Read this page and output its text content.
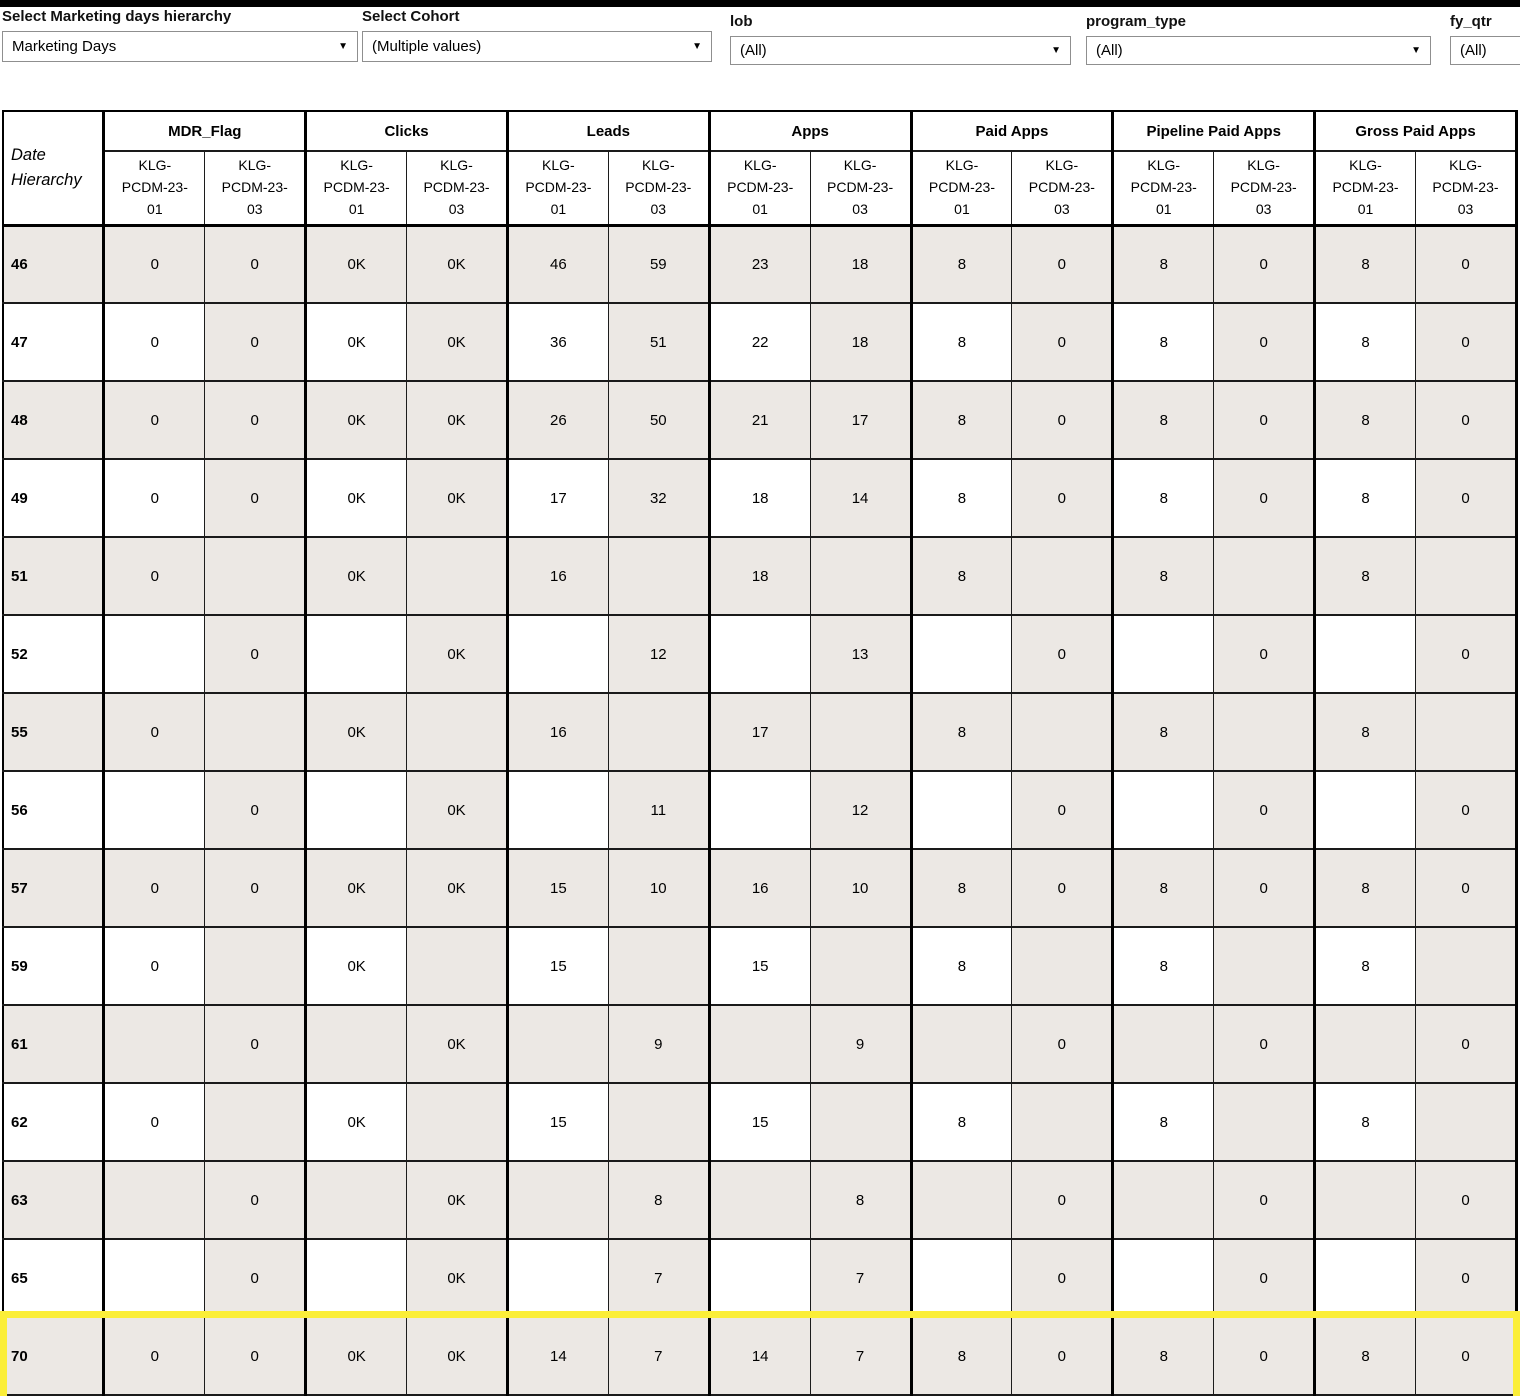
Select Marketing days hierarchy
Marketing Days	▼
Select Cohort
(Multiple values)	▼
lob
(All)	▼
program_type
(All)	▼
fy_qtr
(All)
Date Hierarchy	MDR_Flag		Clicks		Leads		Apps		Paid Apps		Pipeline Paid Apps		Gross Paid Apps	
	KLG-
PCDM-23-
01	KLG-
PCDM-23-
03	KLG-
PCDM-23-
01	KLG-
PCDM-23-
03	KLG-
PCDM-23-
01	KLG-
PCDM-23-
03	KLG-
PCDM-23-
01	KLG-
PCDM-23-
03	KLG-
PCDM-23-
01	KLG-
PCDM-23-
03	KLG-
PCDM-23-
01	KLG-
PCDM-23-
03	KLG-
PCDM-23-
01	KLG-
PCDM-23-
03
46	0	0	0K	0K	46	59	23	18	8	0	8	0	8	0
47	0	0	0K	0K	36	51	22	18	8	0	8	0	8	0
48	0	0	0K	0K	26	50	21	17	8	0	8	0	8	0
49	0	0	0K	0K	17	32	18	14	8	0	8	0	8	0
51	0		0K		16		18		8		8		8	
52		0		0K		12		13		0		0		0
55	0		0K		16		17		8		8		8	
56		0		0K		11		12		0		0		0
57	0	0	0K	0K	15	10	16	10	8	0	8	0	8	0
59	0		0K		15		15		8		8		8	
61		0		0K		9		9		0		0		0
62	0		0K		15		15		8		8		8	
63		0		0K		8		8		0		0		0
65		0		0K		7		7		0		0		0
70	0	0	0K	0K	14	7	14	7	8	0	8	0	8	0
